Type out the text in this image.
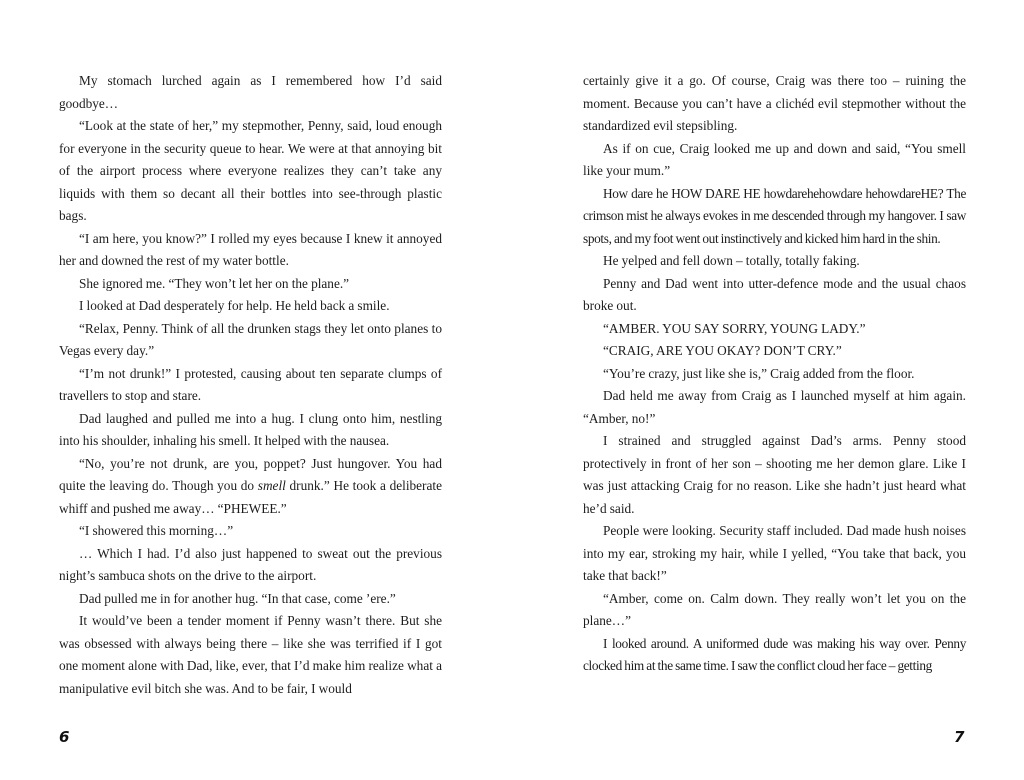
My stomach lurched again as I remembered how I’d said goodbye…

“Look at the state of her,” my stepmother, Penny, said, loud enough for everyone in the security queue to hear. We were at that annoying bit of the airport process where everyone realizes they can’t take any liquids with them so decant all their bottles into see-through plastic bags.

“I am here, you know?” I rolled my eyes because I knew it annoyed her and downed the rest of my water bottle.

She ignored me. “They won’t let her on the plane.”

I looked at Dad desperately for help. He held back a smile.

“Relax, Penny. Think of all the drunken stags they let onto planes to Vegas every day.”

“I’m not drunk!” I protested, causing about ten separate clumps of travellers to stop and stare.

Dad laughed and pulled me into a hug. I clung onto him, nestling into his shoulder, inhaling his smell. It helped with the nausea.

“No, you’re not drunk, are you, poppet? Just hungover. You had quite the leaving do. Though you do smell drunk.” He took a deliberate whiff and pushed me away… “PHEWEE.”

“I showered this morning…”

… Which I had. I’d also just happened to sweat out the previous night’s sambuca shots on the drive to the airport.

Dad pulled me in for another hug. “In that case, come ’ere.”

It would’ve been a tender moment if Penny wasn’t there. But she was obsessed with always being there – like she was terrified if I got one moment alone with Dad, like, ever, that I’d make him realize what a manipulative evil bitch she was. And to be fair, I would

6

certainly give it a go. Of course, Craig was there too – ruining the moment. Because you can’t have a clichéd evil stepmother without the standardized evil stepsibling.

As if on cue, Craig looked me up and down and said, “You smell like your mum.”

How dare he HOW DARE HE howdarehehowdare hehowdareHE? The crimson mist he always evokes in me descended through my hangover. I saw spots, and my foot went out instinctively and kicked him hard in the shin.

He yelped and fell down – totally, totally faking.

Penny and Dad went into utter-defence mode and the usual chaos broke out.

“AMBER. YOU SAY SORRY, YOUNG LADY.”

“CRAIG, ARE YOU OKAY? DON’T CRY.”

“You’re crazy, just like she is,” Craig added from the floor.

Dad held me away from Craig as I launched myself at him again. “Amber, no!”

I strained and struggled against Dad’s arms. Penny stood protectively in front of her son – shooting me her demon glare. Like I was just attacking Craig for no reason. Like she hadn’t just heard what he’d said.

People were looking. Security staff included. Dad made hush noises into my ear, stroking my hair, while I yelled, “You take that back, you take that back!”

“Amber, come on. Calm down. They really won’t let you on the plane…”

I looked around. A uniformed dude was making his way over. Penny clocked him at the same time. I saw the conflict cloud her face – getting

7
